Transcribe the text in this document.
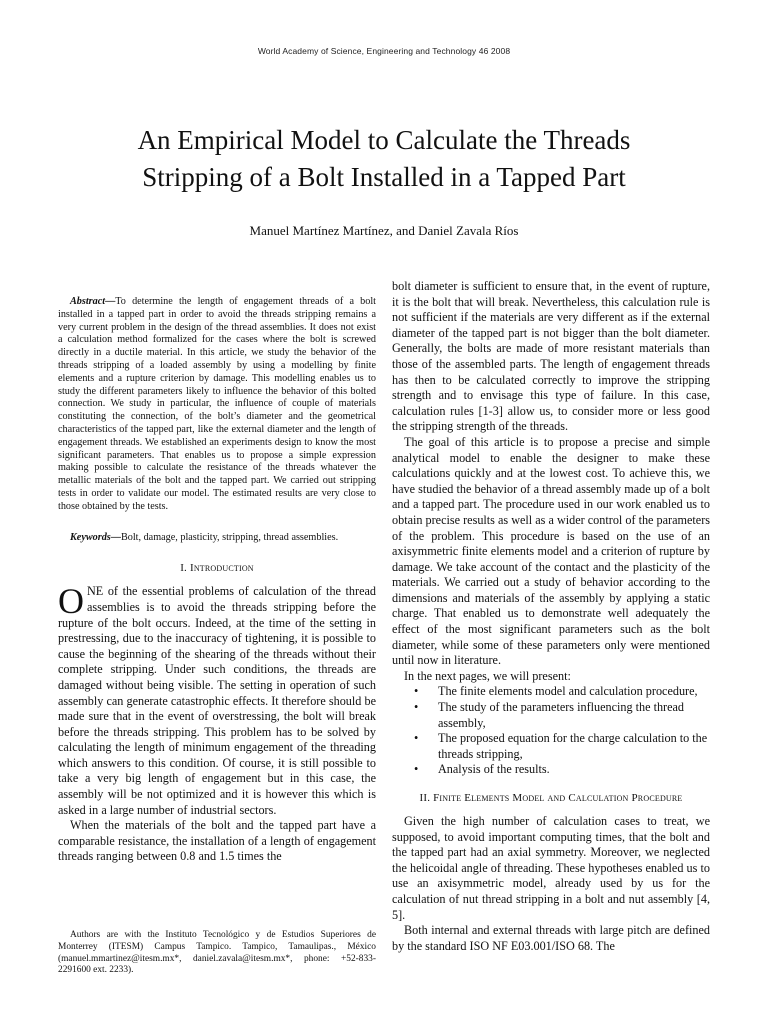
World Academy of Science, Engineering and Technology 46 2008
An Empirical Model to Calculate the Threads
Stripping of a Bolt Installed in a Tapped Part
Manuel Martínez Martínez, and Daniel Zavala Ríos

Abstract—To determine the length of engagement threads of a bolt installed in a tapped part in order to avoid the threads stripping remains a very current problem in the design of the thread assemblies. It does not exist a calculation method formalized for the cases where the bolt is screwed directly in a ductile material. In this article, we study the behavior of the threads stripping of a loaded assembly by using a modelling by finite elements and a rupture criterion by damage. This modelling enables us to study the different parameters likely to influence the behavior of this bolted connection. We study in particular, the influence of couple of materials constituting the connection, of the bolt’s diameter and the geometrical characteristics of the tapped part, like the external diameter and the length of engagement threads. We established an experiments design to know the most significant parameters. That enables us to propose a simple expression making possible to calculate the resistance of the threads whatever the metallic materials of the bolt and the tapped part. We carried out stripping tests in order to validate our model. The estimated results are very close to those obtained by the tests.

Keywords—Bolt, damage, plasticity, stripping, thread assemblies.

I. Introduction

ONE of the essential problems of calculation of the thread assemblies is to avoid the threads stripping before the rupture of the bolt occurs. Indeed, at the time of the setting in prestressing, due to the inaccuracy of tightening, it is possible to cause the beginning of the shearing of the threads without their complete stripping. Under such conditions, the threads are damaged without being visible. The setting in operation of such assembly can generate catastrophic effects. It therefore should be made sure that in the event of overstressing, the bolt will break before the threads stripping. This problem has to be solved by calculating the length of minimum engagement of the threading which answers to this condition. Of course, it is still possible to take a very big length of engagement but in this case, the assembly will be not optimized and it is however this which is asked in a large number of industrial sectors.

When the materials of the bolt and the tapped part have a comparable resistance, the installation of a length of engagement threads ranging between 0.8 and 1.5 times the

Authors are with the Instituto Tecnológico y de Estudios Superiores de Monterrey (ITESM) Campus Tampico. Tampico, Tamaulipas., México (manuel.mmartinez@itesm.mx*, daniel.zavala@itesm.mx*, phone: +52-833-2291600 ext. 2233).

bolt diameter is sufficient to ensure that, in the event of rupture, it is the bolt that will break. Nevertheless, this calculation rule is not sufficient if the materials are very different as if the external diameter of the tapped part is not bigger than the bolt diameter. Generally, the bolts are made of more resistant materials than those of the assembled parts. The length of engagement threads has then to be calculated correctly to improve the stripping strength and to envisage this type of failure. In this case, calculation rules [1-3] allow us, to consider more or less good the stripping strength of the threads.

The goal of this article is to propose a precise and simple analytical model to enable the designer to make these calculations quickly and at the lowest cost. To achieve this, we have studied the behavior of a thread assembly made up of a bolt and a tapped part. The procedure used in our work enabled us to obtain precise results as well as a wider control of the parameters of the problem. This procedure is based on the use of an axisymmetric finite elements model and a criterion of rupture by damage. We take account of the contact and the plasticity of the materials. We carried out a study of behavior according to the dimensions and materials of the assembly by applying a static charge. That enabled us to demonstrate well adequately the effect of the most significant parameters such as the bolt diameter, while some of these parameters only were mentioned until now in literature.

In the next pages, we will present:

• The finite elements model and calculation procedure,
• The study of the parameters influencing the thread assembly,
• The proposed equation for the charge calculation to the threads stripping,
• Analysis of the results.
II. Finite Elements Model and Calculation Procedure

Given the high number of calculation cases to treat, we supposed, to avoid important computing times, that the bolt and the tapped part had an axial symmetry. Moreover, we neglected the helicoidal angle of threading. These hypotheses enabled us to use an axisymmetric model, already used by us for the calculation of nut thread stripping in a bolt and nut assembly [4, 5].

Both internal and external threads with large pitch are defined by the standard ISO NF E03.001/ISO 68. The
